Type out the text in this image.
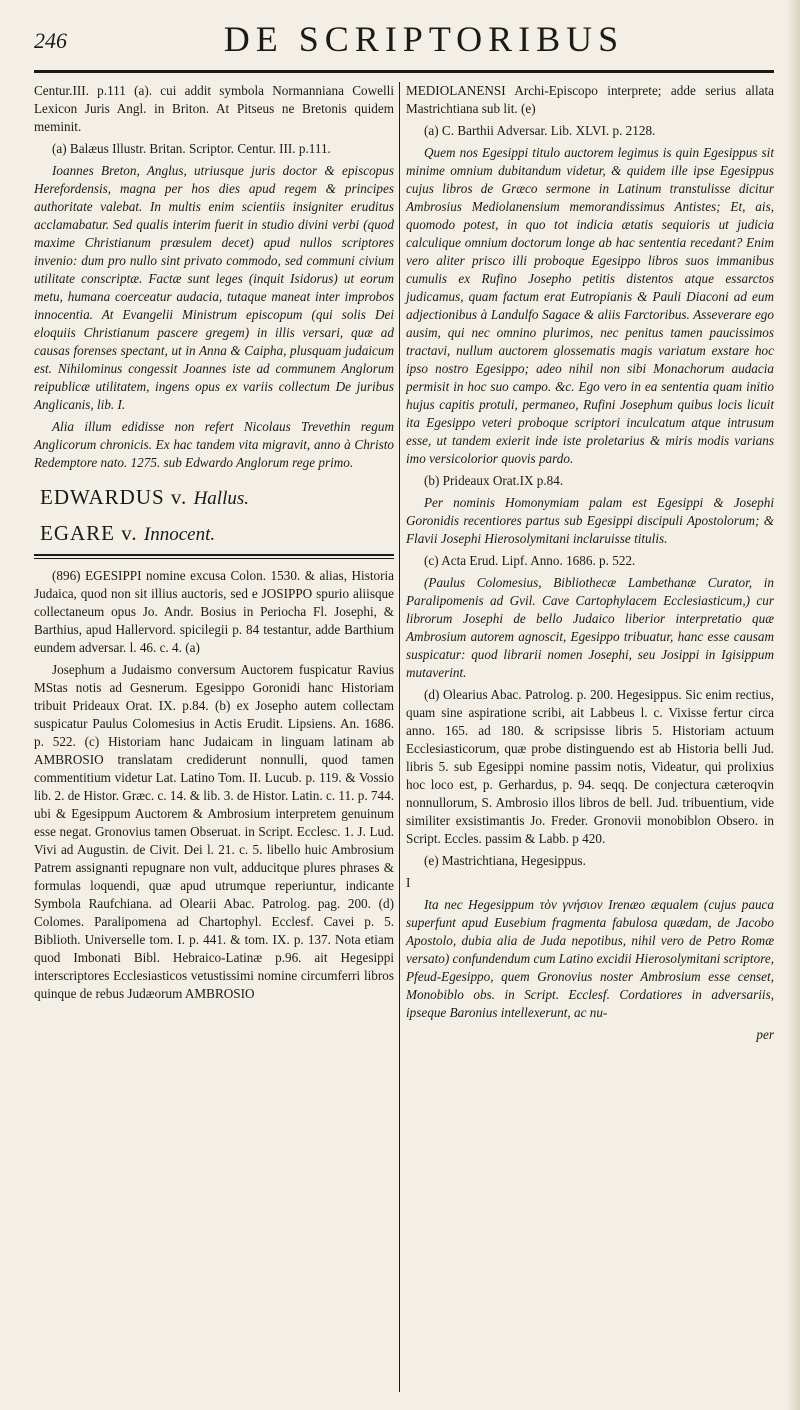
246	DE SCRIPTORIBUS

Centur.III. p.111 (a). cui addit symbola Normanniana Cowelli Lexicon Juris Angl. in Briton. At Pitseus ne Bretonis quidem meminit.

(a) Balæus Illustr. Britan. Scriptor. Centur. III. p.111.

Ioannes Breton, Anglus, utriusque juris doctor & episcopus Herefordensis, magna per hos dies apud regem & principes authoritate valebat. In multis enim scientiis insigniter eruditus acclamabatur. Sed qualis interim fuerit in studio divini verbi (quod maxime Christianum præsulem decet) apud nullos scriptores invenio: dum pro nullo sint privato commodo, sed communi civium utilitate conscriptæ. Factæ sunt leges (inquit Isidorus) ut eorum metu, humana coerceatur audacia, tutaque maneat inter improbos innocentia. At Evangelii Ministrum episcopum (qui solis Dei eloquiis Christianum pascere gregem) in illis versari, quæ ad causas forenses spectant, ut in Anna & Caipha, plusquam judaicum est. Nihilominus congessit Joannes iste ad communem Anglorum reipublicæ utilitatem, ingens opus ex variis collectum De juribus Anglicanis, lib. I.

Alia illum edidisse non refert Nicolaus Trevethin regum Anglicorum chronicis. Ex hac tandem vita migravit, anno à Christo Redemptore nato. 1275. sub Edwardo Anglorum rege primo.

EDWARDUS v. Hallus.
EGARE v. Innocent.

(896) EGESIPPI nomine excusa Colon. 1530. & alias, Historia Judaica, quod non sit illius auctoris, sed e JOSIPPO spurio aliisque collectaneum opus Jo. Andr. Bosius in Periocha Fl. Josephi, & Barthius, apud Hallervord. spicilegii p. 84 testantur, adde Barthium eundem adversar. l. 46. c. 4. (a)

Josephum a Judaismo conversum Auctorem fuspicatur Ravius MStas notis ad Gesnerum. Egesippo Goronidi hanc Historiam tribuit Prideaux Orat. IX. p.84. (b) ex Josepho autem collectam suspicatur Paulus Colomesius in Actis Erudit. Lipsiens. An. 1686. p. 522. (c) Historiam hanc Judaicam in linguam latinam ab AMBROSIO translatam crediderunt nonnulli, quod tamen commentitium videtur Lat. Latino Tom. II. Lucub. p. 119. & Vossio lib. 2. de Histor. Græc. c. 14. & lib. 3. de Histor. Latin. c. 11. p. 744. ubi & Egesippum Auctorem & Ambrosium interpretem genuinum esse negat. Gronovius tamen Obseruat. in Script. Ecclesc. 1. J. Lud. Vivi ad Augustin. de Civit. Dei l. 21. c. 5. libello huic Ambrosium Patrem assignanti repugnare non vult, adducitque plures phrases & formulas loquendi, quæ apud utrumque reperiuntur, indicante Symbola Raufchiana. ad Olearii Abac. Patrolog. pag. 200. (d) Colomes. Paralipomena ad Chartophyl. Ecclesf. Cavei p. 5. Biblioth. Universelle tom. I. p. 441. & tom. IX. p. 137. Nota etiam quod Imbonati Bibl. Hebraico-Latinæ p.96. ait Hegesippi interscriptores Ecclesiasticos vetustissimi nomine circumferri libros quinque de rebus Judæorum AMBROSIO

MEDIOLANENSI Archi-Episcopo interprete; adde serius allata Mastrichtiana sub lit. (e)

(a) C. Barthii Adversar. Lib. XLVI. p. 2128.

Quem nos Egesippi titulo auctorem legimus is quin Egesippus sit minime omnium dubitandum videtur, & quidem ille ipse Egesippus cujus libros de Græco sermone in Latinum transtulisse dicitur Ambrosius Mediolanensium memorandissimus Antistes; Et, ais, quomodo potest, in quo tot indicia ætatis sequioris ut judicia calculique omnium doctorum longe ab hac sententia recedant? Enim vero aliter prisco illi proboque Egesippo libros suos immanibus cumulis ex Rufino Josepho petitis distentos atque essarctos judicamus, quam factum erat Eutropianis & Pauli Diaconi ad eum adjectionibus à Landulfo Sagace & aliis Farctoribus. Asseverare ego ausim, qui nec omnino plurimos, nec penitus tamen paucissimos tractavi, nullum auctorem glossematis magis variatum exstare hoc ipso nostro Egesippo; adeo nihil non sibi Monachorum audacia permisit in hoc suo campo. &c. Ego vero in ea sententia quam initio hujus capitis protuli, permaneo, Rufini Josephum quibus locis licuit ita Egesippo veteri proboque scriptori inculcatum atque intrusum esse, ut tandem exierit inde iste proletarius & miris modis varians imo versicolorior quovis pardo.

(b) Prideaux Orat.IX p.84.

Per nominis Homonymiam palam est Egesippi & Josephi Goronidis recentiores partus sub Egesippi discipuli Apostolorum; & Flavii Josephi Hierosolymitani inclaruisse titulis.

(c) Acta Erud. Lipf. Anno. 1686. p. 522.

(Paulus Colomesius, Bibliothecæ Lambethanæ Curator, in Paralipomenis ad Gvil. Cave Cartophylacem Ecclesiasticum,) cur librorum Josephi de bello Judaico liberior interpretatio quæ Ambrosium autorem agnoscit, Egesippo tribuatur, hanc esse causam suspicatur: quod librarii nomen Josephi, seu Josippi in Igisippum mutaverint.

(d) Olearius Abac. Patrolog. p. 200. Hegesippus. Sic enim rectius, quam sine aspiratione scribi, ait Labbeus l. c. Vixisse fertur circa anno. 165. ad 180. & scripsisse libris 5. Historiam actuum Ecclesiasticorum, quæ probe distinguendo est ab Historia belli Jud. libris 5. sub Egesippi nomine passim notis, Videatur, qui prolixius hoc loco est, p. Gerhardus, p. 94. seqq. De conjectura cæteroqvin nonnullorum, S. Ambrosio illos libros de bell. Jud. tribuentium, vide similiter exsistimantis Jo. Freder. Gronovii monobiblon Obsero. in Script. Eccles. passim & Labb. p 420.

(e) Mastrichtiana, Hegesippus.

I

Ita nec Hegesippum τὸν γνήσιον Irenæo æqualem (cujus pauca superfunt apud Eusebium fragmenta fabulosa quædam, de Jacobo Apostolo, dubia alia de Juda nepotibus, nihil vero de Petro Romæ versato) confundendum cum Latino excidii Hierosolymitani scriptore, Pfeud-Egesippo, quem Gronovius noster Ambrosium esse censet, Monobiblo obs. in Script. Ecclesf. Cordatiores in adversariis, ipseque Baronius intellexerunt, ac nu-

per
